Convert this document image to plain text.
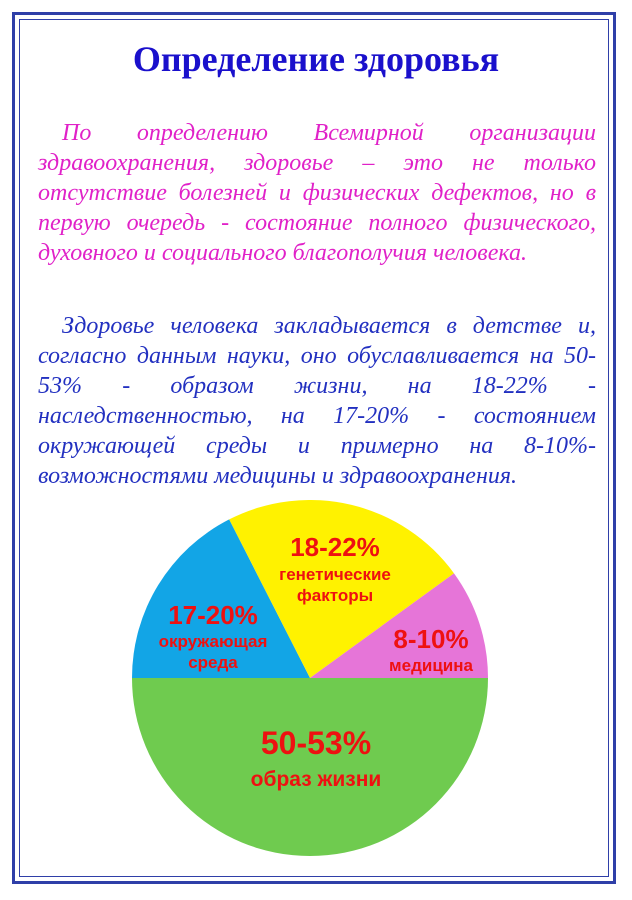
Определение здоровья

По определению Всемирной организации здравоохранения, здоровье – это не только отсутствие болезней и физических дефектов, но в первую очередь - состояние полного физического, духовного и социального благополучия человека.

Здоровье человека закладывается в детстве и, согласно данным науки, оно обуславливается на 50-53% - образом жизни, на 18-22% - наследственностью, на 17-20% - состоянием окружающей среды и примерно на 8-10%- возможностями медицины и здравоохранения.

50-53%
образ жизни
17-20%
окружающая
среда
18-22%
генетические
факторы
8-10%
медицина
